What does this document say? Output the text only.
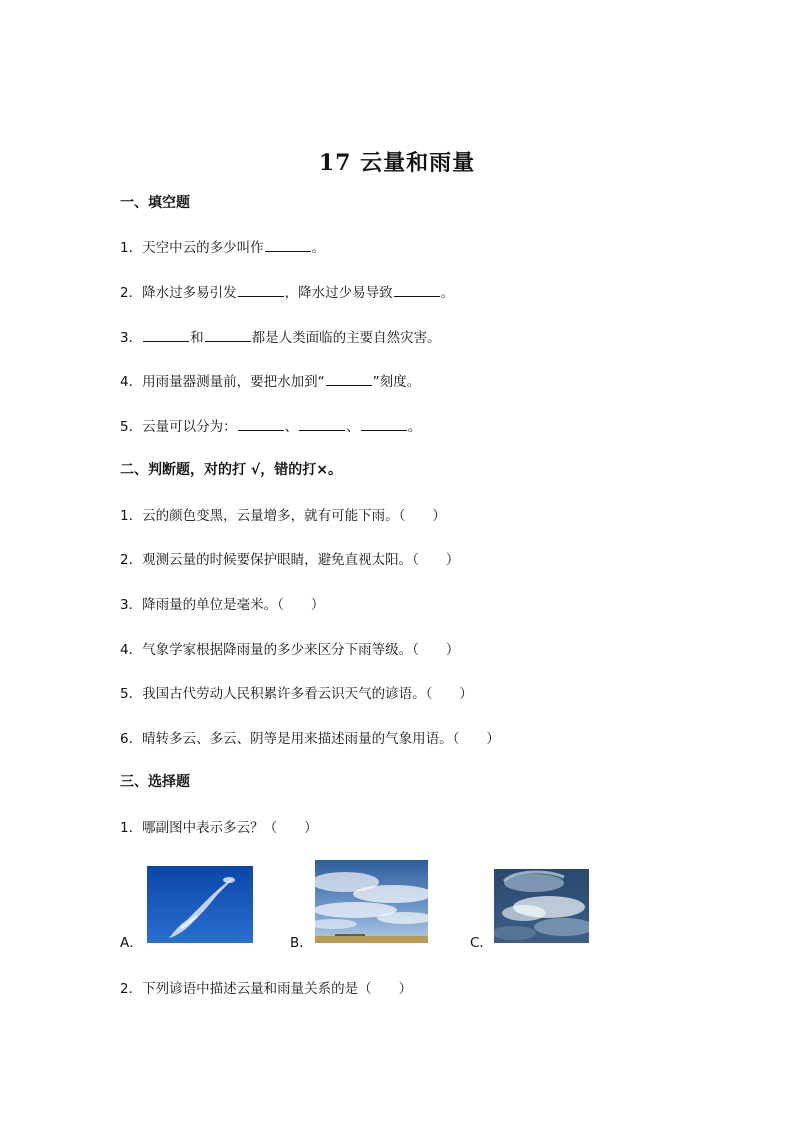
17 云量和雨量
一、填空题
1．天空中云的多少叫作	。
2．降水过多易引发	，降水过少易导致	。
3．	和	都是人类面临的主要自然灾害。
4．用雨量器测量前，要把水加到“	”刻度。
5．云量可以分为：	、	、	。
二、判断题，对的打 √，错的打×。
1．云的颜色变黑，云量增多，就有可能下雨。（　　）
2．观测云量的时候要保护眼睛，避免直视太阳。（　　）
3．降雨量的单位是毫米。（　　）
4．气象学家根据降雨量的多少来区分下雨等级。（　　）
5．我国古代劳动人民积累许多看云识天气的谚语。（　　）
6．晴转多云、多云、阴等是用来描述雨量的气象用语。（　　）
三、选择题
1．哪副图中表示多云？（　　）
A．	B．	C．
2．下列谚语中描述云量和雨量关系的是（　　）
